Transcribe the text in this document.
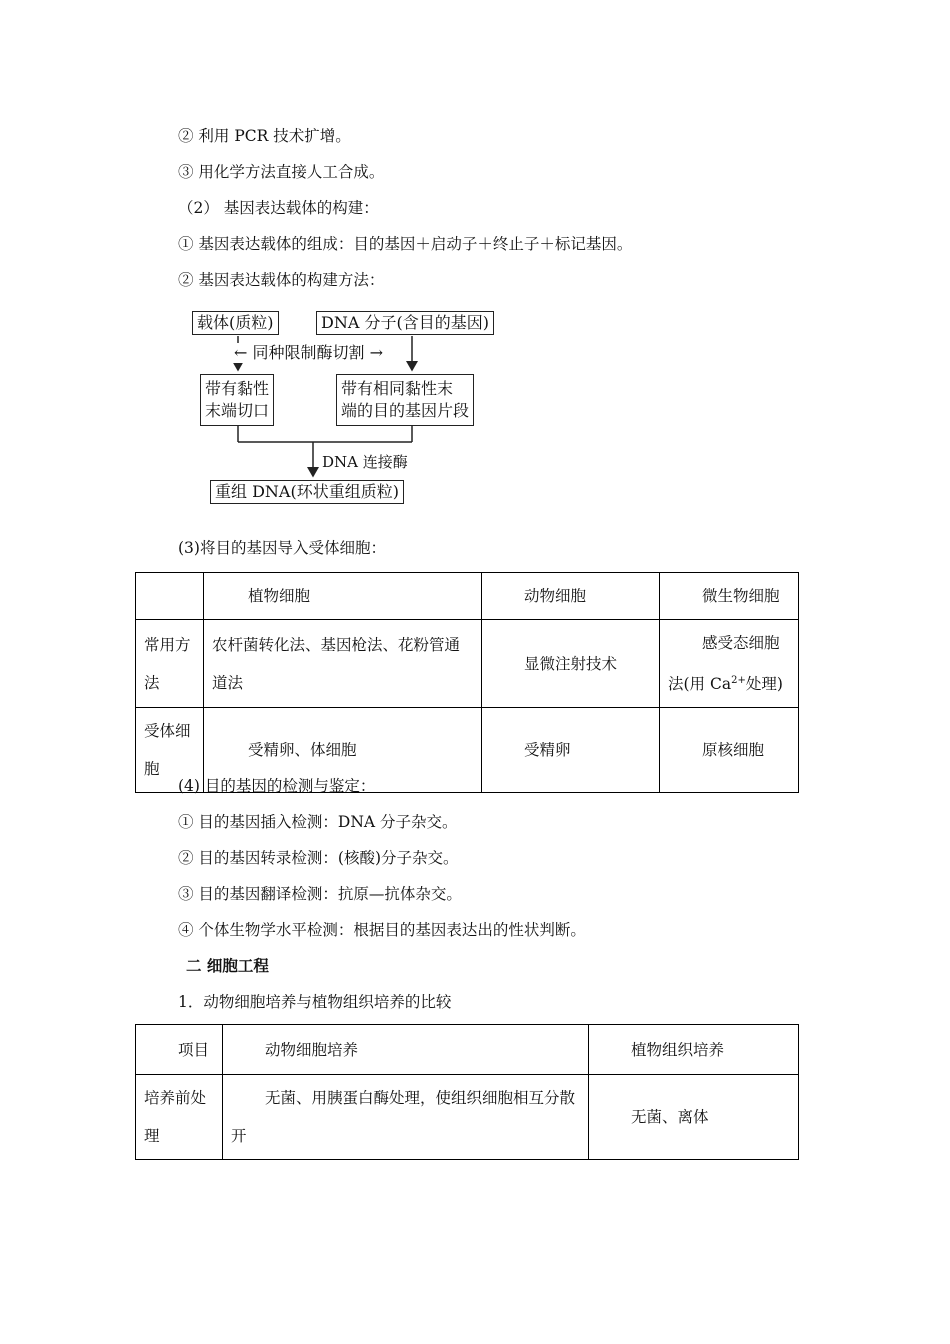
② 利用 PCR 技术扩增。
③ 用化学方法直接人工合成。
（2） 基因表达载体的构建：
① 基因表达载体的组成：目的基因＋启动子＋终止子＋标记基因。
② 基因表达载体的构建方法：
载体(质粒)	DNA 分子(含目的基因)
← 同种限制酶切割 →
带有黏性
末端切口
带有相同黏性末
端的目的基因片段
DNA 连接酶
重组 DNA(环状重组质粒)
(3)将目的基因导入受体细胞：
	植物细胞	动物细胞	微生物细胞
常用方法	农杆菌转化法、基因枪法、花粉管通道法	显微注射技术	感受态细胞
法(用 $Ca^{2+}$处理)

受体细胞	受精卵、体细胞	受精卵	原核细胞
(4) 目的基因的检测与鉴定：
① 目的基因插入检测：DNA 分子杂交。
② 目的基因转录检测：(核酸)分子杂交。
③ 目的基因翻译检测：抗原—抗体杂交。
④ 个体生物学水平检测：根据目的基因表达出的性状判断。
二 细胞工程
1．动物细胞培养与植物组织培养的比较
项目	动物细胞培养	植物组织培养
培养前处理	无菌、用胰蛋白酶处理，使组织细胞相互分散开	无菌、离体
